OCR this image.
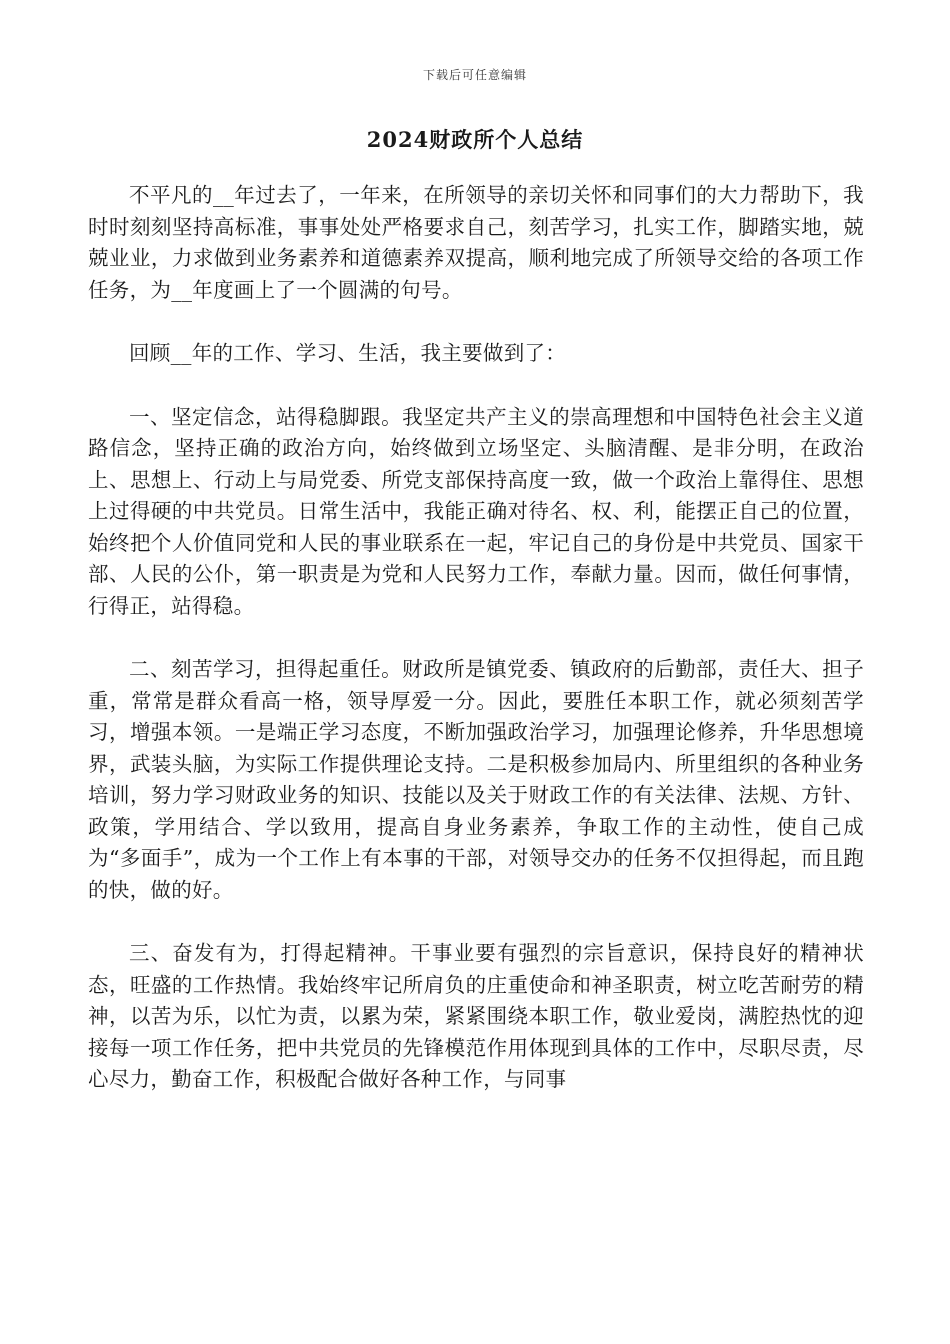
下载后可任意编辑
2024财政所个人总结

不平凡的__年过去了，一年来，在所领导的亲切关怀和同事们的大力帮助下，我时时刻刻坚持高标准，事事处处严格要求自己，刻苦学习，扎实工作，脚踏实地，兢兢业业，力求做到业务素养和道德素养双提高，顺利地完成了所领导交给的各项工作任务，为__年度画上了一个圆满的句号。

回顾__年的工作、学习、生活，我主要做到了：

一、坚定信念，站得稳脚跟。我坚定共产主义的崇高理想和中国特色社会主义道路信念，坚持正确的政治方向，始终做到立场坚定、头脑清醒、是非分明，在政治上、思想上、行动上与局党委、所党支部保持高度一致，做一个政治上靠得住、思想上过得硬的中共党员。日常生活中，我能正确对待名、权、利，能摆正自己的位置，始终把个人价值同党和人民的事业联系在一起，牢记自己的身份是中共党员、国家干部、人民的公仆，第一职责是为党和人民努力工作，奉献力量。因而，做任何事情，行得正，站得稳。

二、刻苦学习，担得起重任。财政所是镇党委、镇政府的后勤部，责任大、担子重，常常是群众看高一格，领导厚爱一分。因此，要胜任本职工作，就必须刻苦学习，增强本领。一是端正学习态度，不断加强政治学习，加强理论修养，升华思想境界，武装头脑，为实际工作提供理论支持。二是积极参加局内、所里组织的各种业务培训，努力学习财政业务的知识、技能以及关于财政工作的有关法律、法规、方针、政策，学用结合、学以致用，提高自身业务素养，争取工作的主动性，使自己成为“多面手”，成为一个工作上有本事的干部，对领导交办的任务不仅担得起，而且跑的快，做的好。

三、奋发有为，打得起精神。干事业要有强烈的宗旨意识，保持良好的精神状态，旺盛的工作热情。我始终牢记所肩负的庄重使命和神圣职责，树立吃苦耐劳的精神，以苦为乐，以忙为责，以累为荣，紧紧围绕本职工作，敬业爱岗，满腔热忱的迎接每一项工作任务，把中共党员的先锋模范作用体现到具体的工作中，尽职尽责，尽心尽力，勤奋工作，积极配合做好各种工作，与同事
